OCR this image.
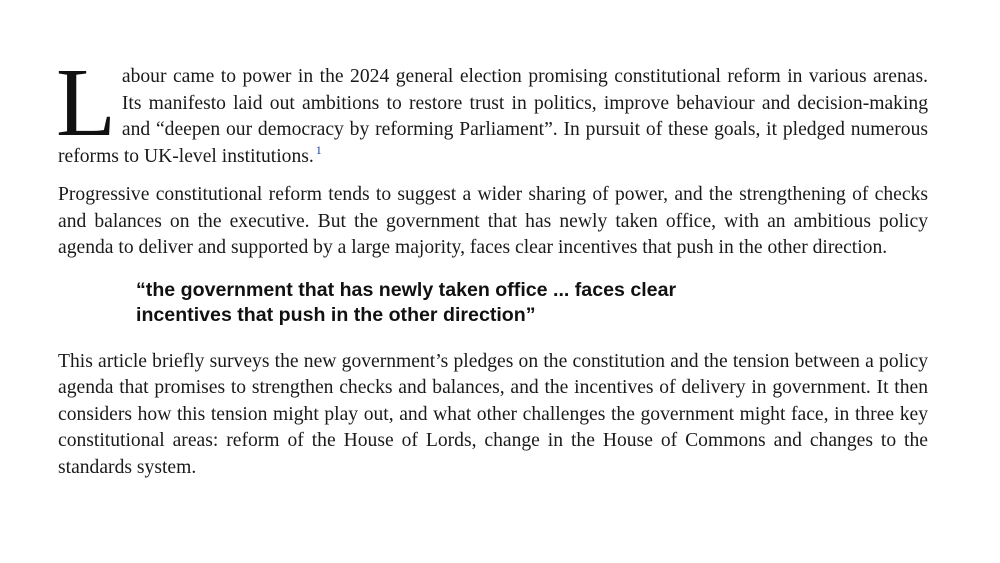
Labour came to power in the 2024 general election promising constitutional reform in various arenas. Its manifesto laid out ambitions to restore trust in politics, improve behaviour and decision-making and “deepen our democracy by reforming Parliament”. In pursuit of these goals, it pledged numerous reforms to UK-level institutions. $^1$

Progressive constitutional reform tends to suggest a wider sharing of power, and the strengthening of checks and balances on the executive. But the government that has newly taken office, with an ambitious policy agenda to deliver and supported by a large majority, faces clear incentives that push in the other direction.

“the government that has newly taken office ... faces clear
incentives that push in the other direction”

This article briefly surveys the new government’s pledges on the constitution and the tension between a policy agenda that promises to strengthen checks and balances, and the incentives of delivery in government. It then considers how this tension might play out, and what other challenges the government might face, in three key constitutional areas: reform of the House of Lords, change in the House of Commons and changes to the standards system.
